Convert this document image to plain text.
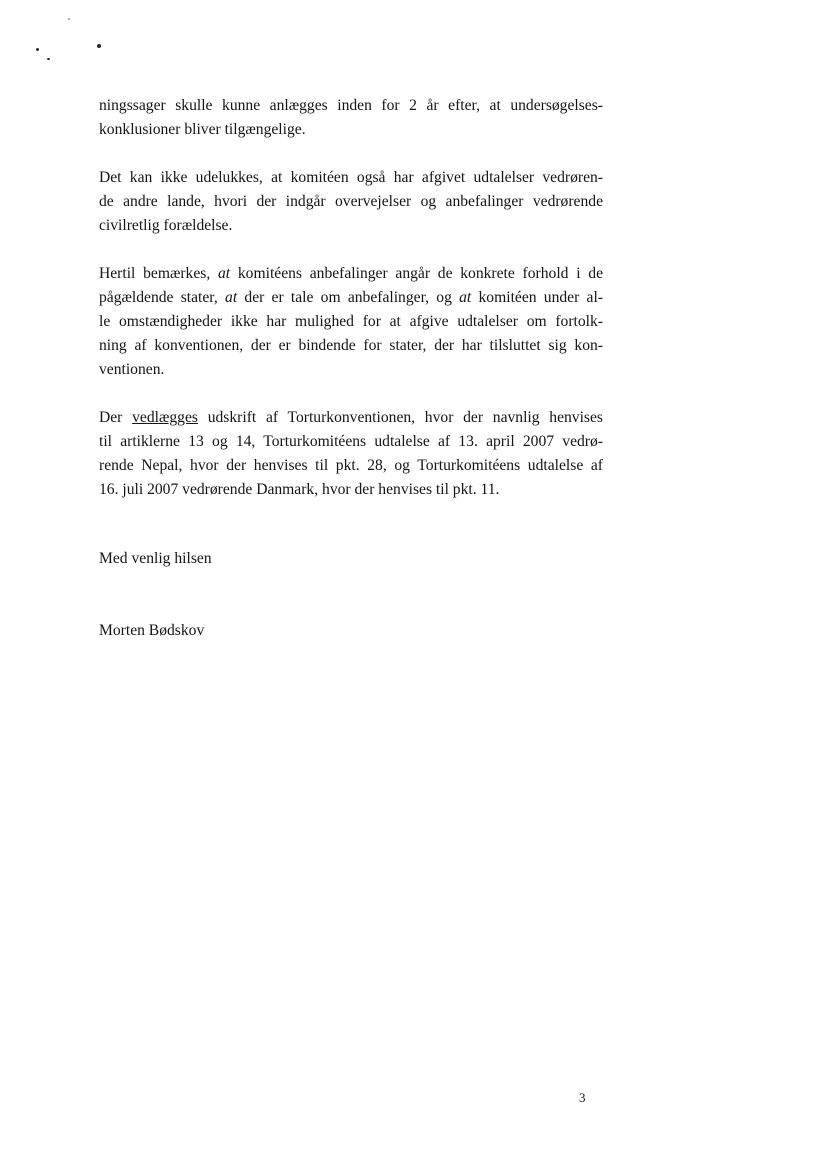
ningssager skulle kunne anlægges inden for 2 år efter, at undersøgelses-
konklusioner bliver tilgængelige.
Det kan ikke udelukkes, at komitéen også har afgivet udtalelser vedrøren-
de andre lande, hvori der indgår overvejelser og anbefalinger vedrørende
civilretlig forældelse.
Hertil bemærkes, at komitéens anbefalinger angår de konkrete forhold i de
pågældende stater, at der er tale om anbefalinger, og at komitéen under al-
le omstændigheder ikke har mulighed for at afgive udtalelser om fortolk-
ning af konventionen, der er bindende for stater, der har tilsluttet sig kon-
ventionen.
Der vedlægges udskrift af Torturkonventionen, hvor der navnlig henvises
til artiklerne 13 og 14, Torturkomitéens udtalelse af 13. april 2007 vedrø-
rende Nepal, hvor der henvises til pkt. 28, og Torturkomitéens udtalelse af
16. juli 2007 vedrørende Danmark, hvor der henvises til pkt. 11.
Med venlig hilsen
Morten Bødskov
3
